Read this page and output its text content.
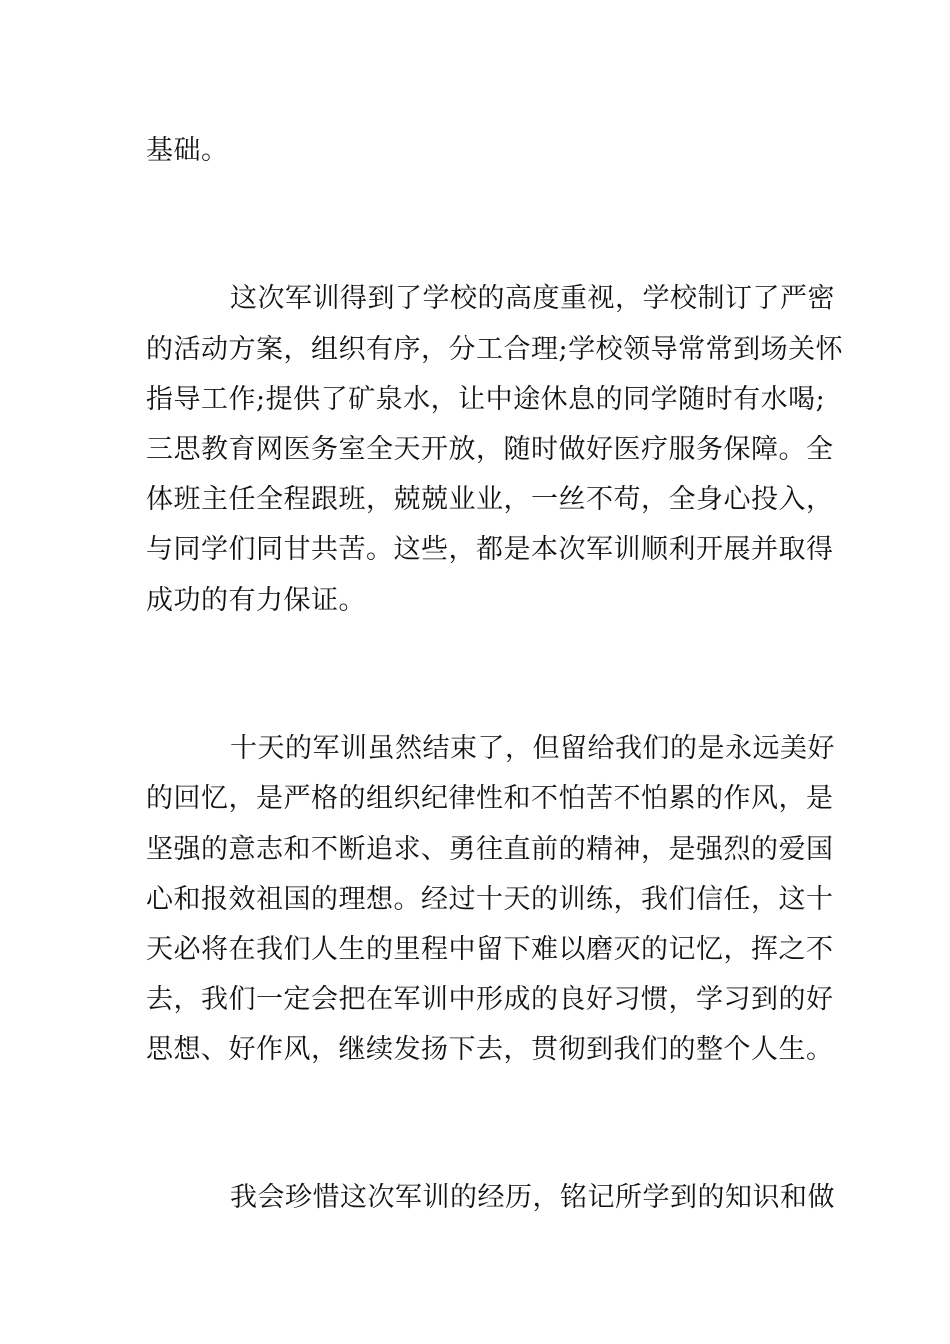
基础。
这次军训得到了学校的高度重视，学校制订了严密
的活动方案，组织有序，分工合理;学校领导常常到场关怀
指导工作;提供了矿泉水，让中途休息的同学随时有水喝;
三思教育网医务室全天开放，随时做好医疗服务保障。全
体班主任全程跟班，兢兢业业，一丝不苟，全身心投入，
与同学们同甘共苦。这些，都是本次军训顺利开展并取得
成功的有力保证。
十天的军训虽然结束了，但留给我们的是永远美好
的回忆，是严格的组织纪律性和不怕苦不怕累的作风，是
坚强的意志和不断追求、勇往直前的精神，是强烈的爱国
心和报效祖国的理想。经过十天的训练，我们信任，这十
天必将在我们人生的里程中留下难以磨灭的记忆，挥之不
去，我们一定会把在军训中形成的良好习惯，学习到的好
思想、好作风，继续发扬下去，贯彻到我们的整个人生。
我会珍惜这次军训的经历，铭记所学到的知识和做
